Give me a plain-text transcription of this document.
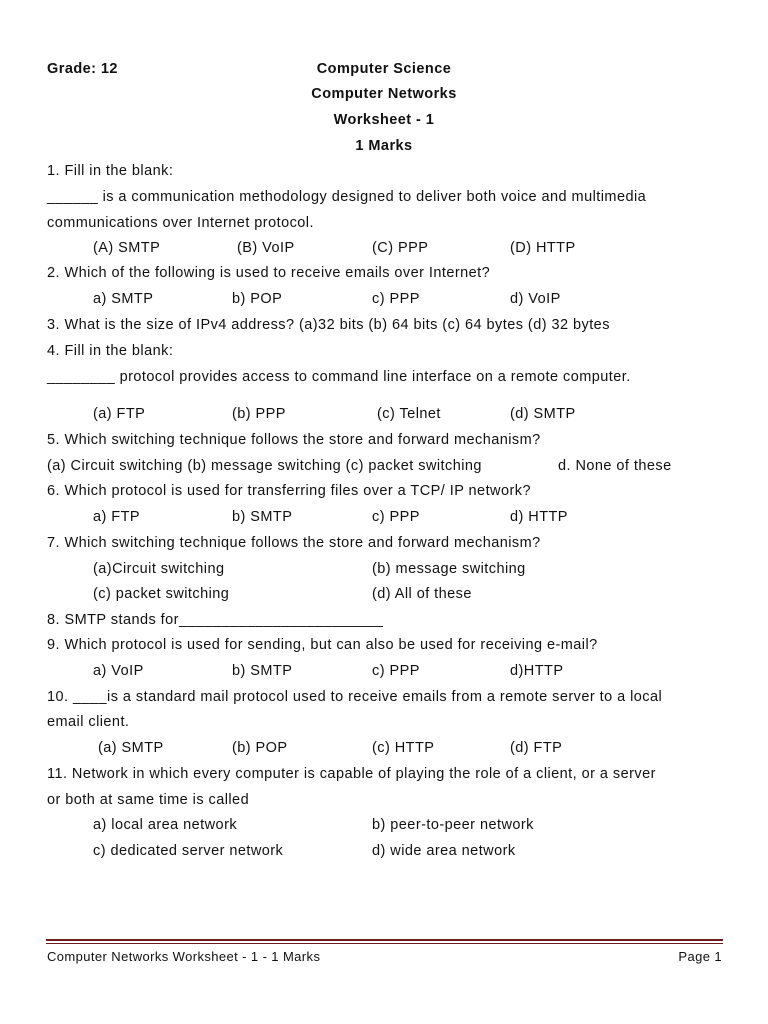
Grade: 12	Computer Science
Computer Networks
Worksheet - 1
1 Marks
1. Fill in the blank:
______ is a communication methodology designed to deliver both voice and multimedia
communications over Internet protocol.
(A) SMTP	(B) VoIP	(C) PPP	(D) HTTP
2. Which of the following is used to receive emails over Internet?
a) SMTP	b) POP	c) PPP	d) VoIP
3. What is the size of IPv4 address? (a)32 bits (b) 64 bits (c) 64 bytes (d) 32 bytes
4. Fill in the blank:
________ protocol provides access to command line interface on a remote computer.
(a) FTP	(b) PPP	(c) Telnet	(d) SMTP
5. Which switching technique follows the store and forward mechanism?
(a) Circuit switching (b) message switching (c) packet switching	d. None of these
6. Which protocol is used for transferring files over a TCP/ IP network?
a) FTP	b) SMTP	c) PPP	d) HTTP
7. Which switching technique follows the store and forward mechanism?
(a)Circuit switching	(b) message switching
(c) packet switching	(d) All of these
8. SMTP stands for________________________
9. Which protocol is used for sending, but can also be used for receiving e-mail?
a) VoIP	b) SMTP	c) PPP	d)HTTP
10. ____is a standard mail protocol used to receive emails from a remote server to a local
email client.
(a) SMTP	(b) POP	(c) HTTP	(d) FTP
11. Network in which every computer is capable of playing the role of a client, or a server
or both at same time is called
a) local area network	b) peer-to-peer network
c) dedicated server network	d) wide area network
Computer Networks Worksheet - 1 - 1 Marks	Page 1
